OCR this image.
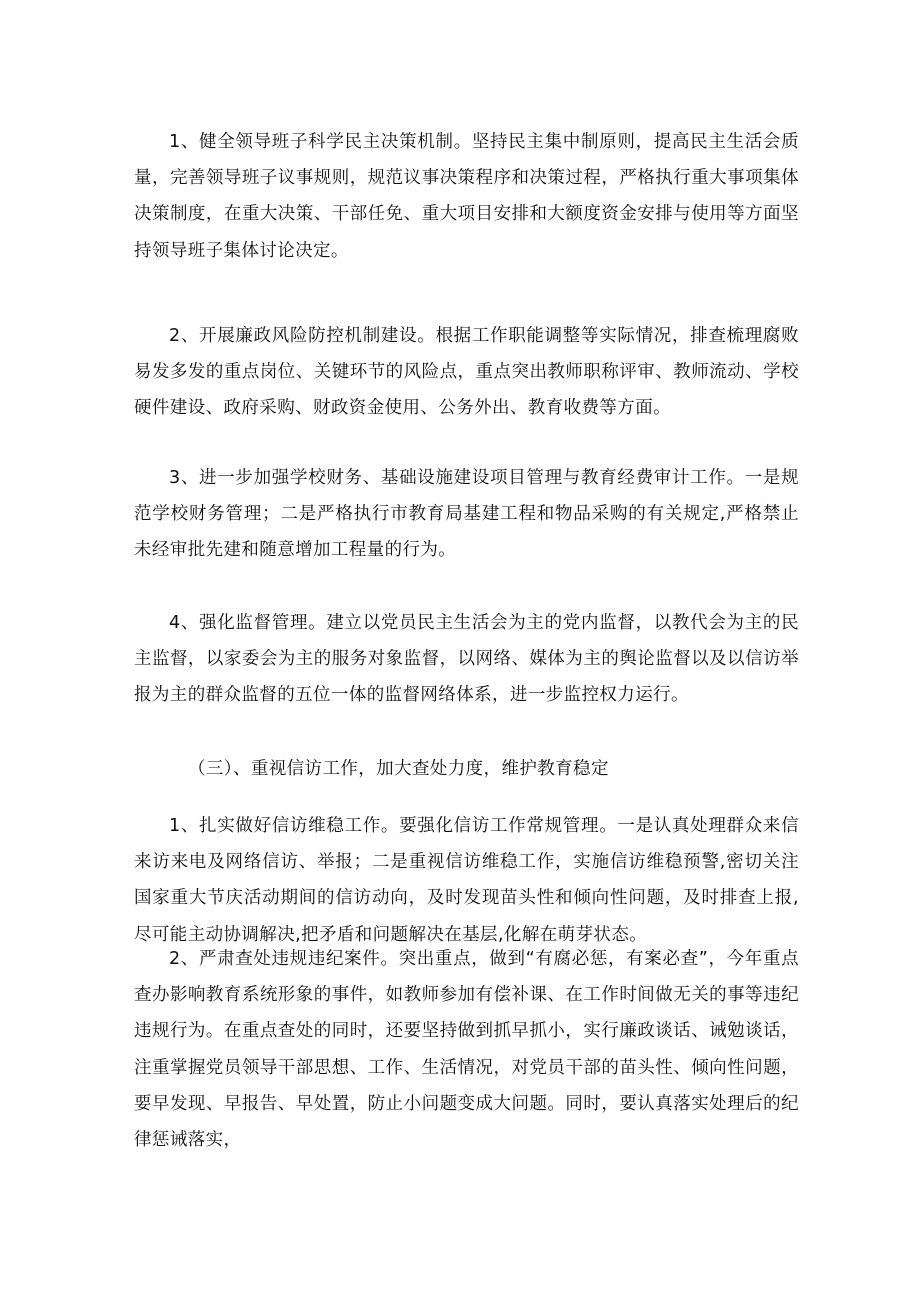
1、健全领导班子科学民主决策机制。坚持民主集中制原则，提高民主生活会质量，完善领导班子议事规则，规范议事决策程序和决策过程，严格执行重大事项集体决策制度，在重大决策、干部任免、重大项目安排和大额度资金安排与使用等方面坚持领导班子集体讨论决定。

2、开展廉政风险防控机制建设。根据工作职能调整等实际情况，排查梳理腐败易发多发的重点岗位、关键环节的风险点，重点突出教师职称评审、教师流动、学校硬件建设、政府采购、财政资金使用、公务外出、教育收费等方面。

3、进一步加强学校财务、基础设施建设项目管理与教育经费审计工作。一是规范学校财务管理；二是严格执行市教育局基建工程和物品采购的有关规定,严格禁止未经审批先建和随意增加工程量的行为。

4、强化监督管理。建立以党员民主生活会为主的党内监督，以教代会为主的民主监督，以家委会为主的服务对象监督，以网络、媒体为主的舆论监督以及以信访举报为主的群众监督的五位一体的监督网络体系，进一步监控权力运行。

（三）、重视信访工作，加大查处力度，维护教育稳定

1、扎实做好信访维稳工作。要强化信访工作常规管理。一是认真处理群众来信来访来电及网络信访、举报；二是重视信访维稳工作，实施信访维稳预警,密切关注国家重大节庆活动期间的信访动向，及时发现苗头性和倾向性问题，及时排查上报,尽可能主动协调解决,把矛盾和问题解决在基层,化解在萌芽状态。

2、严肃查处违规违纪案件。突出重点，做到“有腐必惩，有案必查”，今年重点查办影响教育系统形象的事件，如教师参加有偿补课、在工作时间做无关的事等违纪违规行为。在重点查处的同时，还要坚持做到抓早抓小，实行廉政谈话、诫勉谈话，注重掌握党员领导干部思想、工作、生活情况，对党员干部的苗头性、倾向性问题，要早发现、早报告、早处置，防止小问题变成大问题。同时，要认真落实处理后的纪律惩诫落实，
